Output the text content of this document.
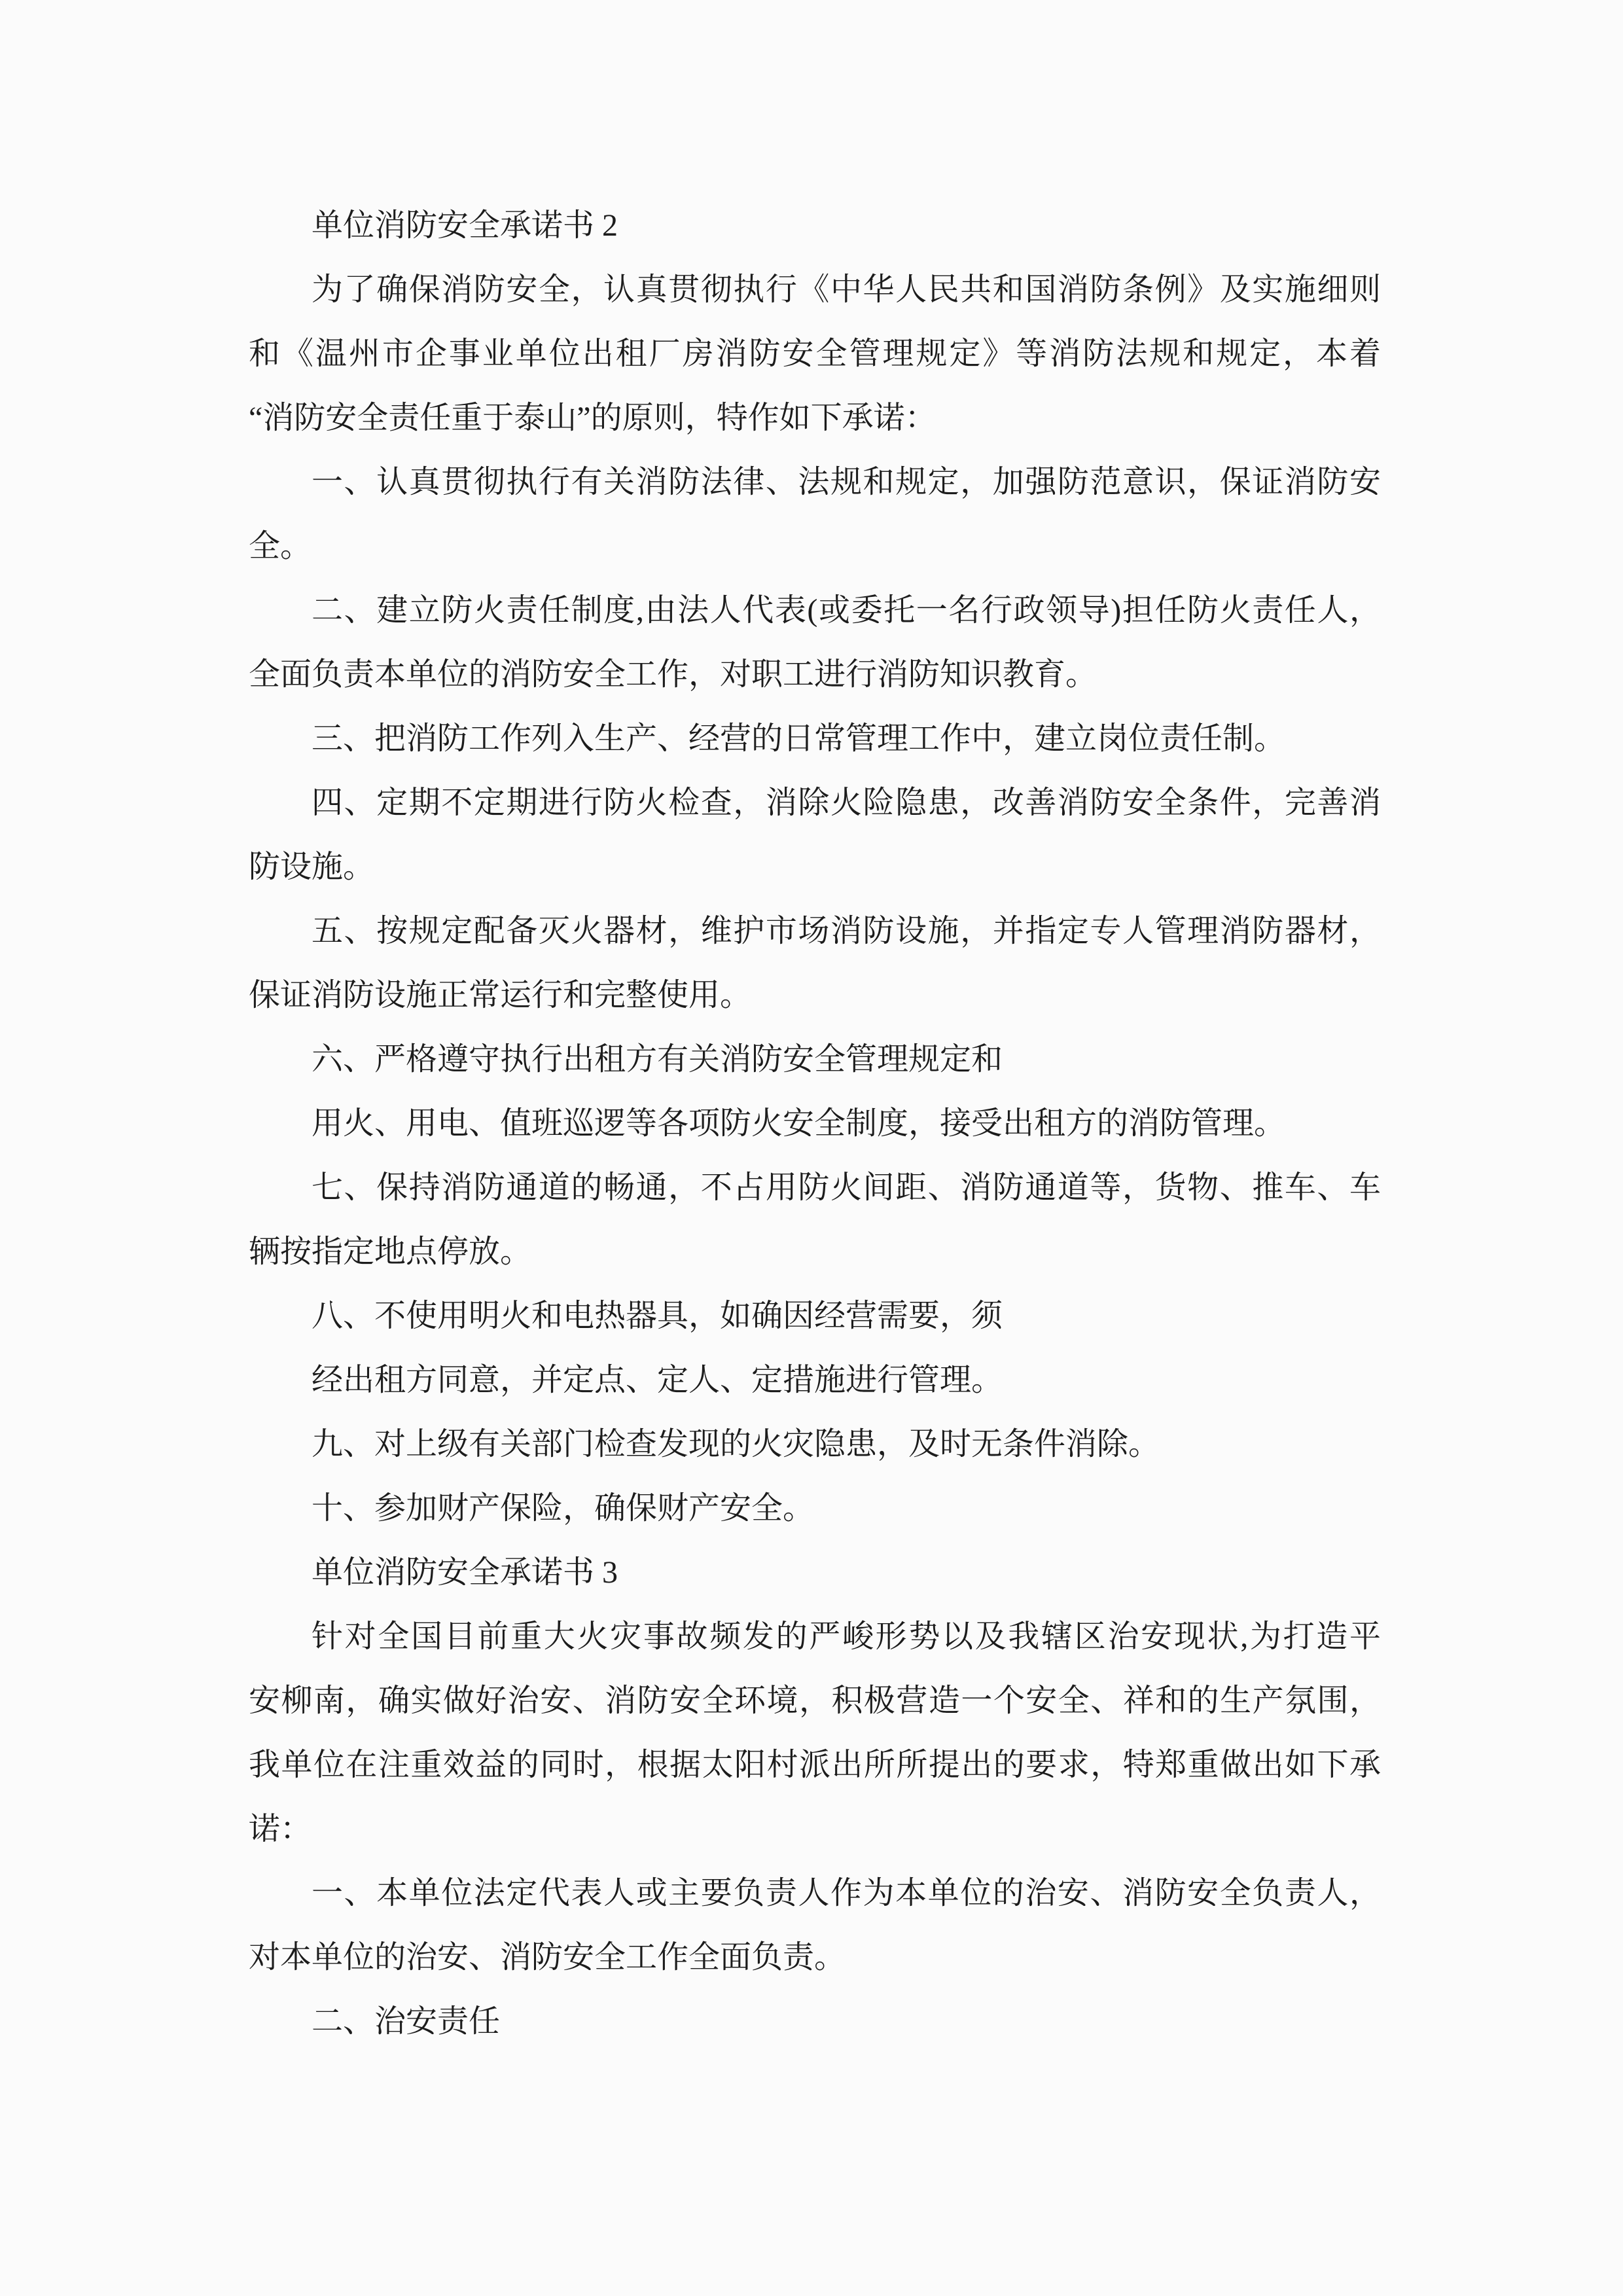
单位消防安全承诺书 2
为了确保消防安全，认真贯彻执行《中华人民共和国消防条例》及实施细则
和《温州市企事业单位出租厂房消防安全管理规定》等消防法规和规定，本着
“消防安全责任重于泰山”的原则，特作如下承诺：
一、认真贯彻执行有关消防法律、法规和规定，加强防范意识，保证消防安
全。
二、建立防火责任制度,由法人代表(或委托一名行政领导)担任防火责任人，
全面负责本单位的消防安全工作，对职工进行消防知识教育。
三、把消防工作列入生产、经营的日常管理工作中，建立岗位责任制。
四、定期不定期进行防火检查，消除火险隐患，改善消防安全条件，完善消
防设施。
五、按规定配备灭火器材，维护市场消防设施，并指定专人管理消防器材，
保证消防设施正常运行和完整使用。
六、严格遵守执行出租方有关消防安全管理规定和
用火、用电、值班巡逻等各项防火安全制度，接受出租方的消防管理。
七、保持消防通道的畅通，不占用防火间距、消防通道等，货物、推车、车
辆按指定地点停放。
八、不使用明火和电热器具，如确因经营需要，须
经出租方同意，并定点、定人、定措施进行管理。
九、对上级有关部门检查发现的火灾隐患，及时无条件消除。
十、参加财产保险，确保财产安全。
单位消防安全承诺书 3
针对全国目前重大火灾事故频发的严峻形势以及我辖区治安现状,为打造平
安柳南，确实做好治安、消防安全环境，积极营造一个安全、祥和的生产氛围，
我单位在注重效益的同时，根据太阳村派出所所提出的要求，特郑重做出如下承
诺：
一、本单位法定代表人或主要负责人作为本单位的治安、消防安全负责人，
对本单位的治安、消防安全工作全面负责。
二、治安责任
